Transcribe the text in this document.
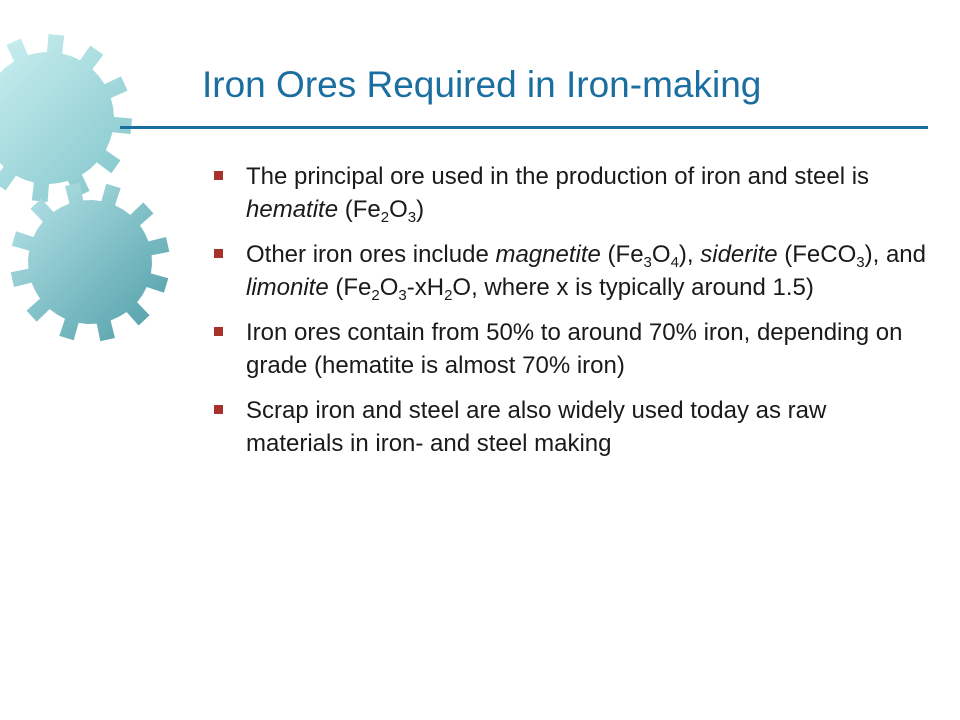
Iron Ores Required in Iron-making
The principal ore used in the production of iron and steel is hematite $(Fe_2O_3)$
Other iron ores include magnetite $(Fe_3O_4)$, siderite (FeCO$_3$), and limonite ($Fe_2O_3-xH_2O$, where x is typically around 1.5)
Iron ores contain from 50% to around 70% iron, depending on grade (hematite is almost 70% iron)
Scrap iron and steel are also widely used today as raw materials in iron- and steel making
